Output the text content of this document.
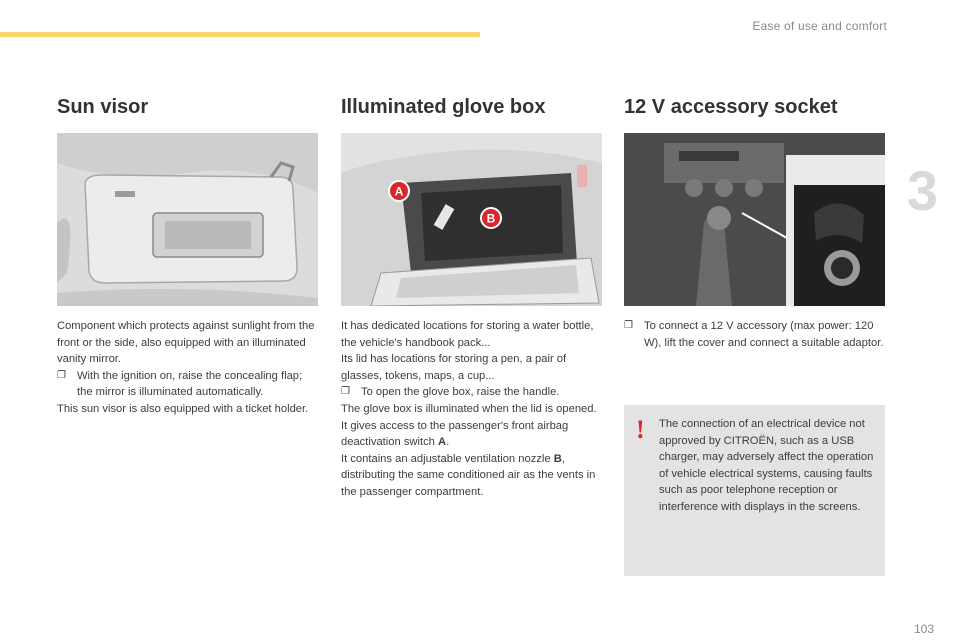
Ease of use and comfort
3
103
Sun visor

Component which protects against sunlight from the front or the side, also equipped with an illuminated vanity mirror.

❐ With the ignition on, raise the concealing flap; the mirror is illuminated automatically.

This sun visor is also equipped with a ticket holder.

Illuminated glove box
A
B

It has dedicated locations for storing a water bottle, the vehicle's handbook pack...

Its lid has locations for storing a pen, a pair of glasses, tokens, maps, a cup...

❐ To open the glove box, raise the handle.

The glove box is illuminated when the lid is opened.

It gives access to the passenger's front airbag deactivation switch A.

It contains an adjustable ventilation nozzle B, distributing the same conditioned air as the vents in the passenger compartment.

12 V accessory socket
❐ To connect a 12 V accessory (max power: 120 W), lift the cover and connect a suitable adaptor.
! The connection of an electrical device not approved by CITROËN, such as a USB charger, may adversely affect the operation of vehicle electrical systems, causing faults such as poor telephone reception or interference with displays in the screens.
